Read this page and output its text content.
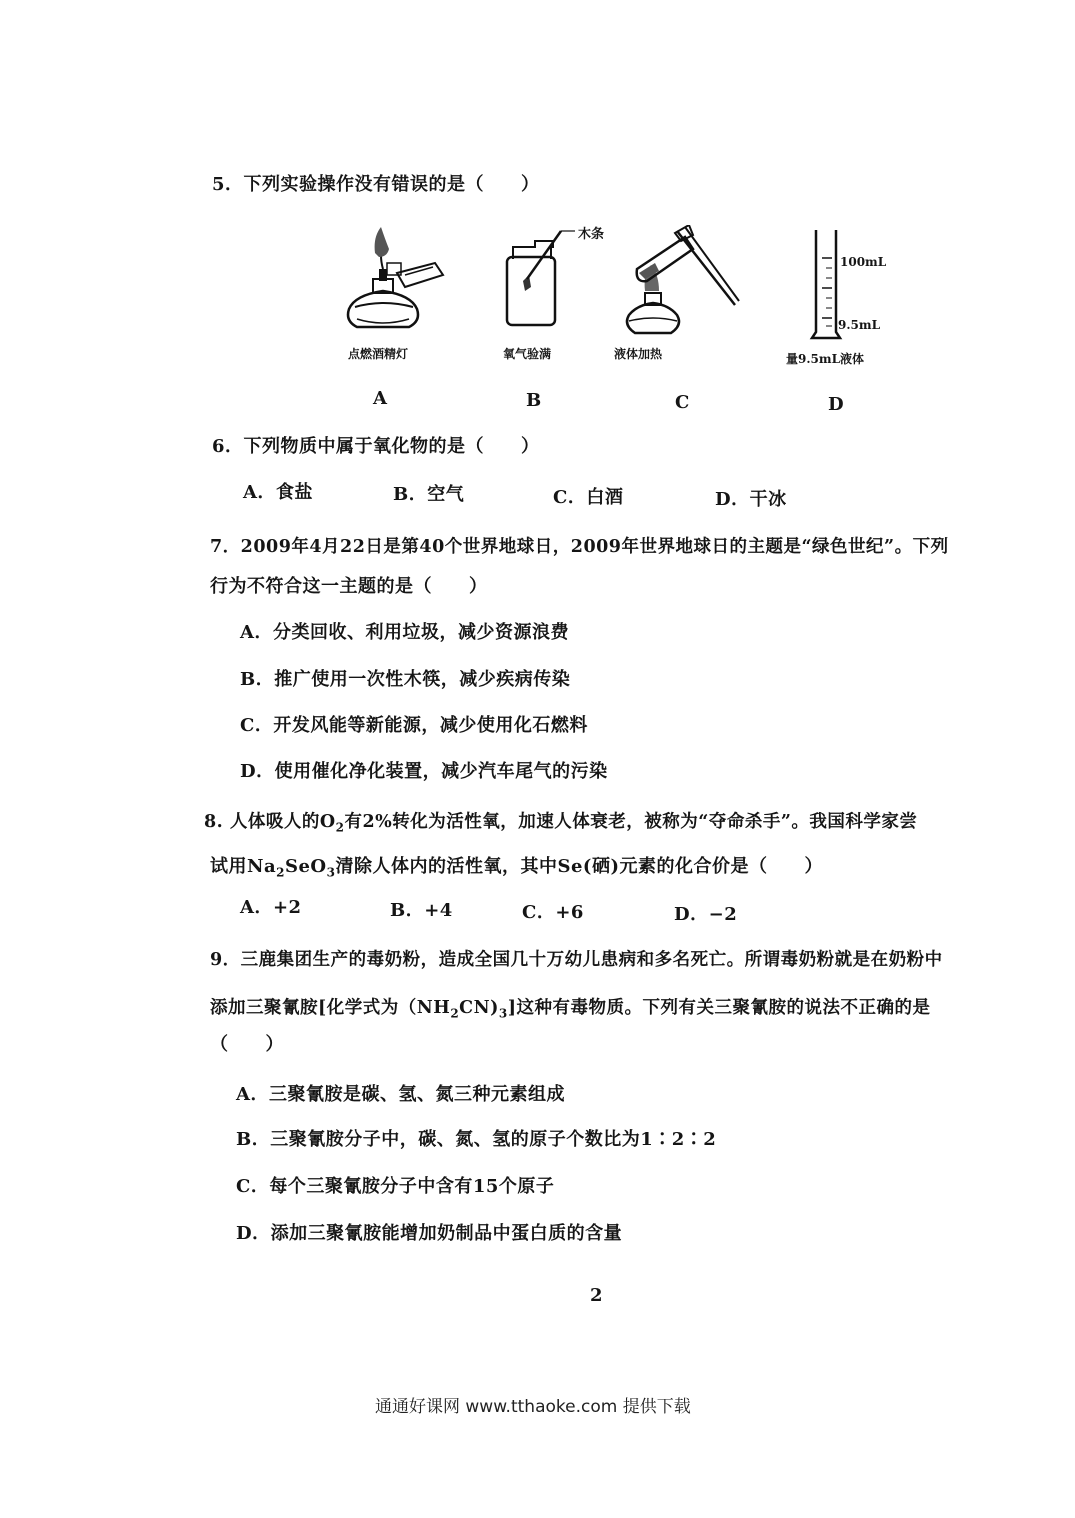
5．下列实验操作没有错误的是（　　）
点燃酒精灯
A
木条
氧气验满
B
液体加热
C
100mL
9.5mL
量9.5mL液体
D
6．下列物质中属于氧化物的是（　　）
A．食盐	B．空气	C．白酒	D．干冰
7．2009年4月22日是第40个世界地球日，2009年世界地球日的主题是“绿色世纪”。下列
行为不符合这一主题的是（　　）
A．分类回收、利用垃圾，减少资源浪费
B．推广使用一次性木筷，减少疾病传染
C．开发风能等新能源，减少使用化石燃料
D．使用催化净化装置，减少汽车尾气的污染
8. 人体吸人的$O_2$有2%转化为活性氧，加速人体衰老，被称为“夺命杀手”。我国科学家尝
试用$Na_2SeO_3$清除人体内的活性氧，其中Se(硒)元素的化合价是（　　）
A．+2	B．+4	C．+6	D．−2
9．三鹿集团生产的毒奶粉，造成全国几十万幼儿患病和多名死亡。所谓毒奶粉就是在奶粉中
添加三聚氰胺[化学式为$(NH_2CN)_3$]这种有毒物质。下列有关三聚氰胺的说法不正确的是
（　　）
A．三聚氰胺是碳、氢、氮三种元素组成
B．三聚氰胺分子中，碳、氮、氢的原子个数比为1∶2∶2
C．每个三聚氰胺分子中含有15个原子
D．添加三聚氰胺能增加奶制品中蛋白质的含量
2
通通好课网 www.tthaoke.com 提供下载
